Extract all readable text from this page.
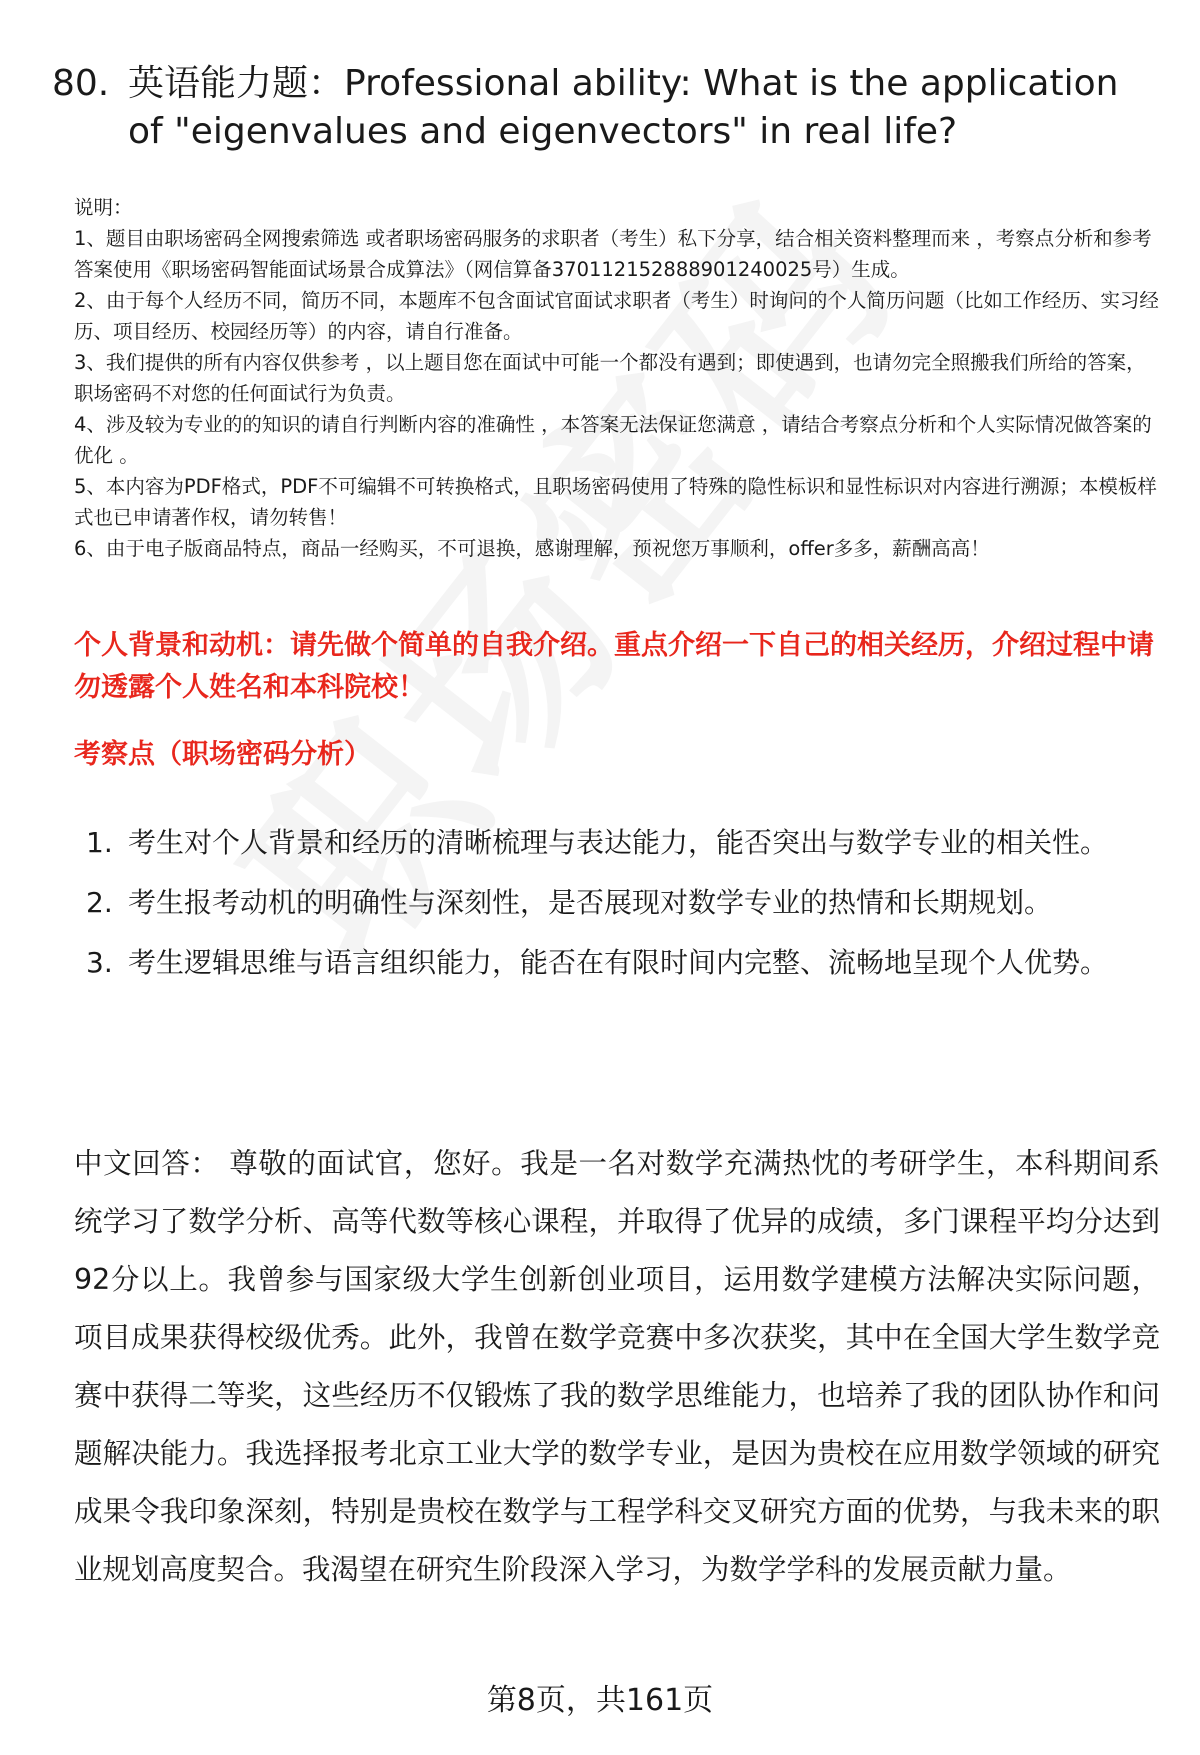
80. 英语能力题：Professional ability: What is the application of "eigenvalues and eigenvectors" in real life?
说明：
1、题目由职场密码全网搜索筛选 或者职场密码服务的求职者（考生）私下分享，结合相关资料整理而来 ，考察点分析和参考答案使用《职场密码智能面试场景合成算法》（网信算备370112152888901240025号）生成。
2、由于每个人经历不同，简历不同，本题库不包含面试官面试求职者（考生）时询问的个人简历问题（比如工作经历、实习经历、项目经历、校园经历等）的内容，请自行准备。
3、我们提供的所有内容仅供参考 ，以上题目您在面试中可能一个都没有遇到；即使遇到，也请勿完全照搬我们所给的答案，职场密码不对您的任何面试行为负责。
4、涉及较为专业的的知识的请自行判断内容的准确性 ，本答案无法保证您满意 ，请结合考察点分析和个人实际情况做答案的优化 。
5、本内容为PDF格式，PDF不可编辑不可转换格式，且职场密码使用了特殊的隐性标识和显性标识对内容进行溯源；本模板样式也已申请著作权，请勿转售！
6、由于电子版商品特点，商品一经购买，不可退换，感谢理解，预祝您万事顺利，offer多多，薪酬高高！
个人背景和动机：请先做个简单的自我介绍。重点介绍一下自己的相关经历，介绍过程中请勿透露个人姓名和本科院校！
考察点（职场密码分析）
1. 考生对个人背景和经历的清晰梳理与表达能力，能否突出与数学专业的相关性。
2. 考生报考动机的明确性与深刻性，是否展现对数学专业的热情和长期规划。
3. 考生逻辑思维与语言组织能力，能否在有限时间内完整、流畅地呈现个人优势。
中文回答： 尊敬的面试官，您好。我是一名对数学充满热忱的考研学生，本科期间系统学习了数学分析、高等代数等核心课程，并取得了优异的成绩，多门课程平均分达到92分以上。我曾参与国家级大学生创新创业项目，运用数学建模方法解决实际问题，项目成果获得校级优秀。此外，我曾在数学竞赛中多次获奖，其中在全国大学生数学竞赛中获得二等奖，这些经历不仅锻炼了我的数学思维能力，也培养了我的团队协作和问题解决能力。我选择报考北京工业大学的数学专业，是因为贵校在应用数学领域的研究成果令我印象深刻，特别是贵校在数学与工程学科交叉研究方面的优势，与我未来的职业规划高度契合。我渴望在研究生阶段深入学习，为数学学科的发展贡献力量。
第8页，共161页
